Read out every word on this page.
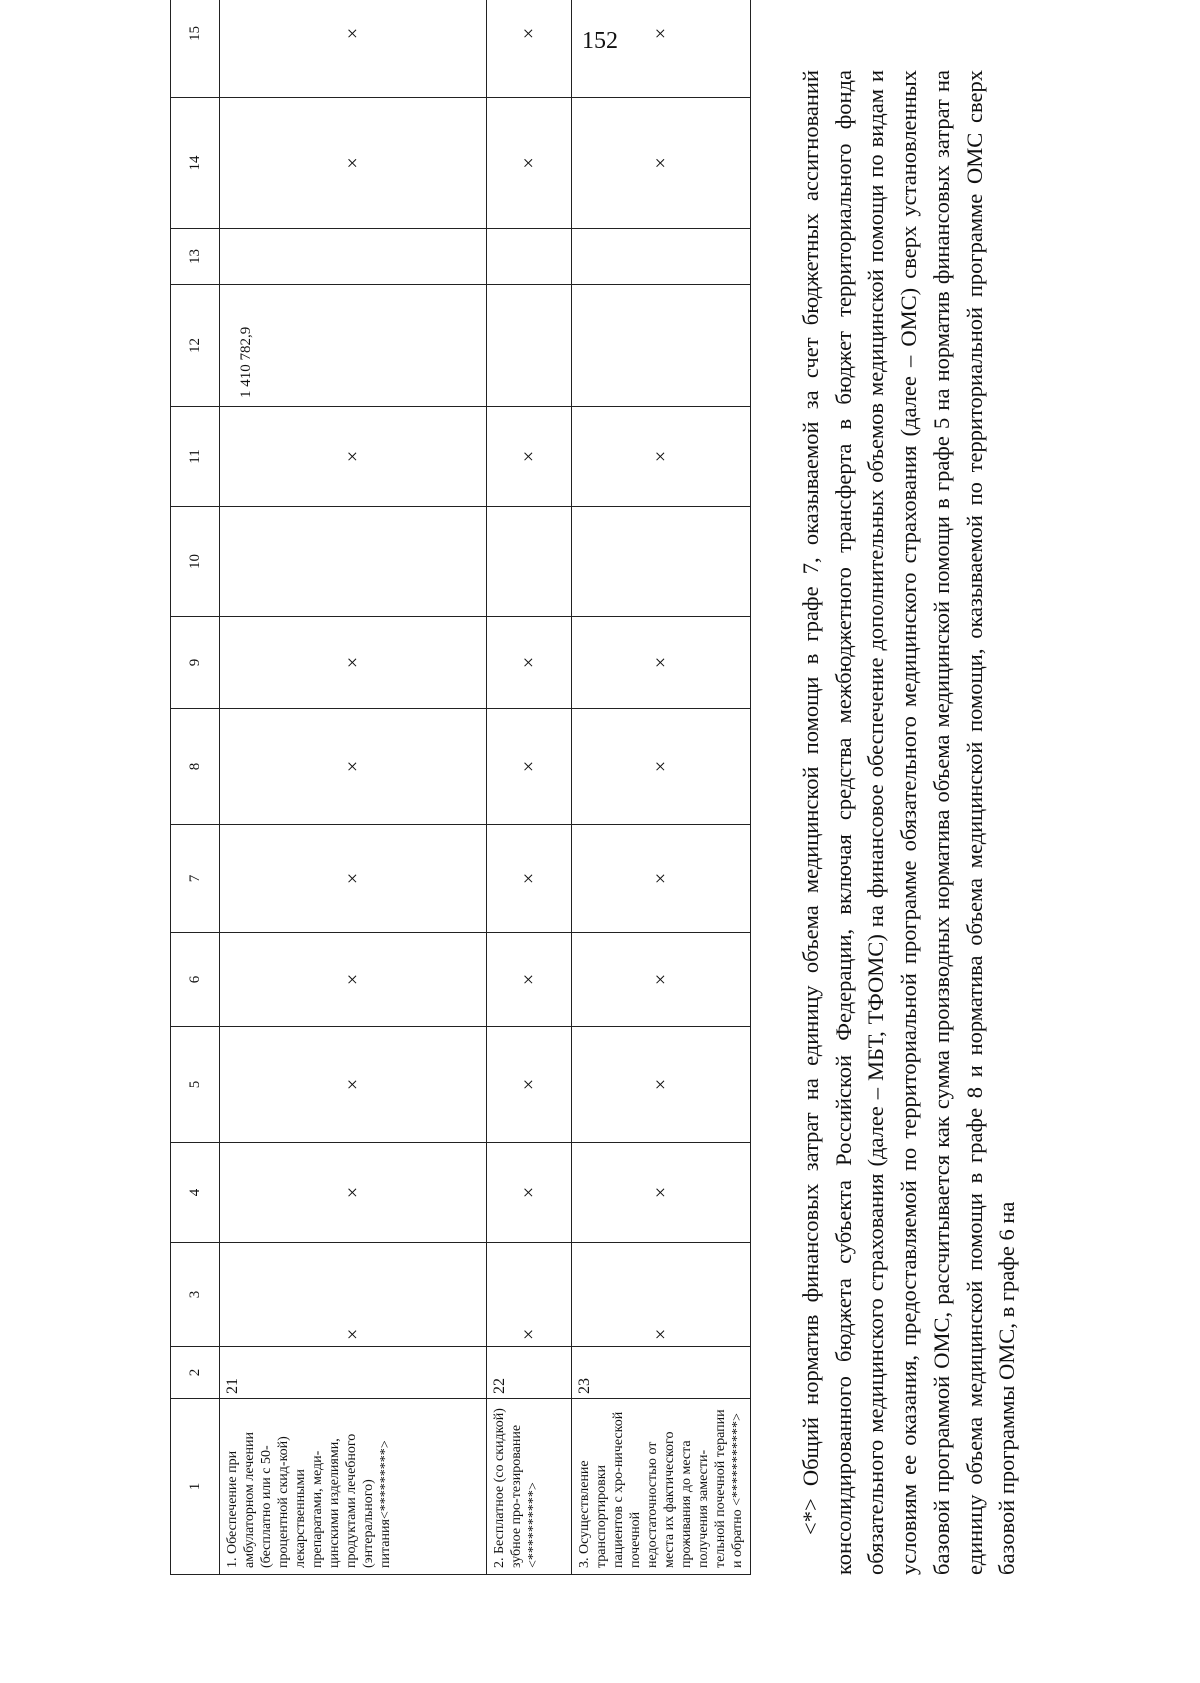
152
1	2	3	4	5	6	7	8	9	10	11	12	13	14	15
1. Обеспечение при амбулаторном лечении (бесплатно или с 50-процентной скид-кой) лекарственными препаратами, меди-цинскими изделиями, продуктами лечебного (энтерального) питания<*********>	21	×	×	×	×	×	×	×		×	1 410 782,9		×	×
2. Бесплатное (со скидкой) зубное про-тезирование <**********>	22	×	×	×	×	×	×	×		×			×	×
3. Осуществление транспортировки пациентов с хро-нической почечной недостаточностью от места их фактического проживания до места получения замести-тельной почечной терапии и обратно <***********>	23	×	×	×	×	×	×	×		×			×	×

<*> Общий норматив финансовых затрат на единицу объема медицинской помощи в графе 7, оказываемой за счет бюджетных ассигнований консолидированного бюджета субъекта Российской Федерации, включая средства межбюджетного трансферта в бюджет территориального фонда обязательного медицинского страхования (далее – МБТ, ТФОМС) на финансовое обеспечение дополнительных объемов медицинской помощи по видам и условиям ее оказания, предоставляемой по территориальной программе обязательного медицинского страхования (далее – ОМС) сверх установленных базовой программой ОМС, рассчитывается как сумма производных норматива объема медицинской помощи в графе 5 на норматив финансовых затрат на единицу объема медицинской помощи в графе 8 и норматива объема медицинской помощи, оказываемой по территориальной программе ОМС сверх базовой программы ОМС, в графе 6 на
